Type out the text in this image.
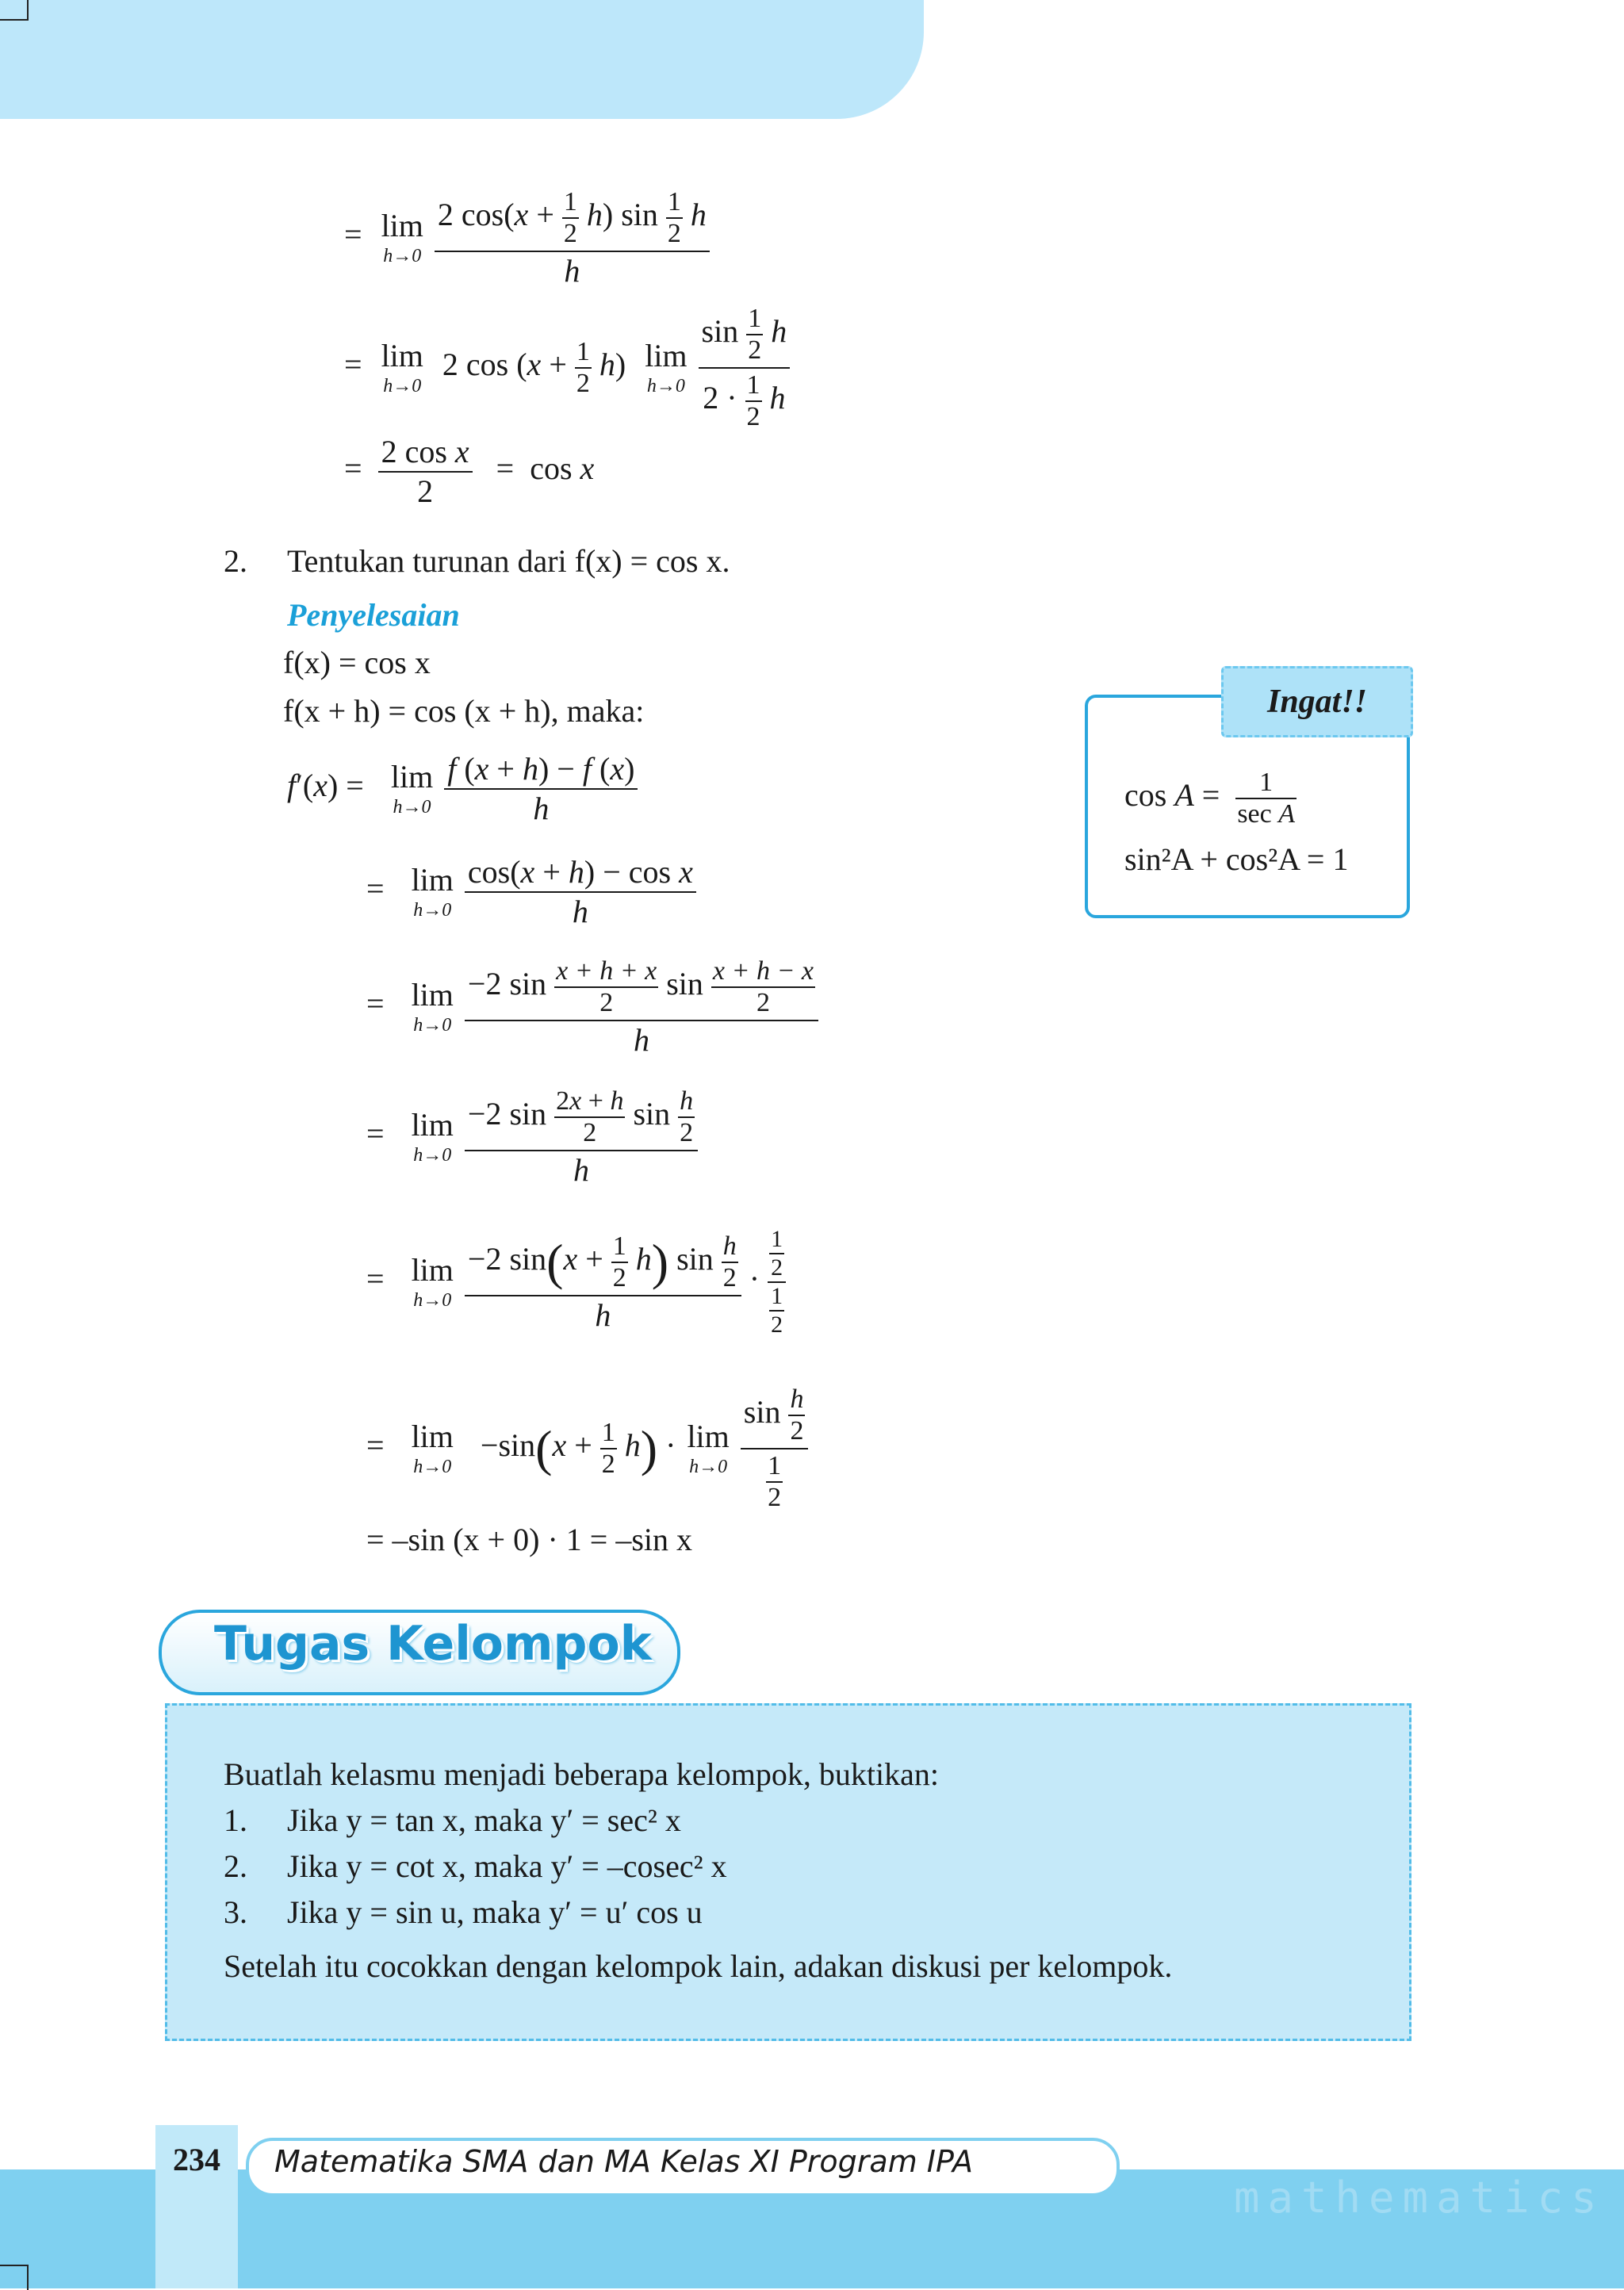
= lim
h→0
$\frac{2 \cos(x + \frac{1}{2} h) \sin \frac{1}{2} h}{h}$
= lim
h→0
2 $\cos (x + \frac{1}{2} h)$ lim
h→0
$\frac{\sin \frac{1}{2} h}{2 \cdot \frac{1}{2} h}$
= $\frac{\text{2 cos x}}{2} = \cos x$
2. Tentukan turunan dari f(x) = cos x.
Penyelesaian
f(x) = cos x
f(x + h) = cos (x + h), maka:
f′(x) = lim
h→0
$\frac{f (x + h) - f (x)}{h}$
= lim
h→0
$\frac{\text{cos(x + h) − cos x}}{h}$
= lim
h→0
$\frac{-2 \sin \frac{x + h + x}{2} \sin \frac{x + h - x}{2}}{h}$
= lim
h→0
$\frac{-2 \sin \frac{2x + h}{2} \sin \frac{h}{2}}{h}$
= lim
h→0
$\frac{-2 \sin(x + \frac{1}{2} h) \sin \frac{h}{2}}{h} \cdot \frac{\frac{1}{2}}{\frac{1}{2}}$
= lim
h→0
$-\sin(x + \frac{1}{2} h) \cdot \lim$
h→0
$\frac{\sin \frac{h}{2}}{\frac{1}{2}}$
= –sin (x + 0) · 1 = –sin x
Ingat!!
cos A = 1
sec A
sin²A + cos²A = 1
Tugas Kelompok
Buatlah kelasmu menjadi beberapa kelompok, buktikan:
1. Jika y = tan x, maka y′ = sec² x
2. Jika y = cot x, maka y′ = –cosec² x
3. Jika y = sin u, maka y′ = u′ cos u
Setelah itu cocokkan dengan kelompok lain, adakan diskusi per kelompok.
234	Matematika SMA dan MA Kelas XI Program IPA
mathematics
